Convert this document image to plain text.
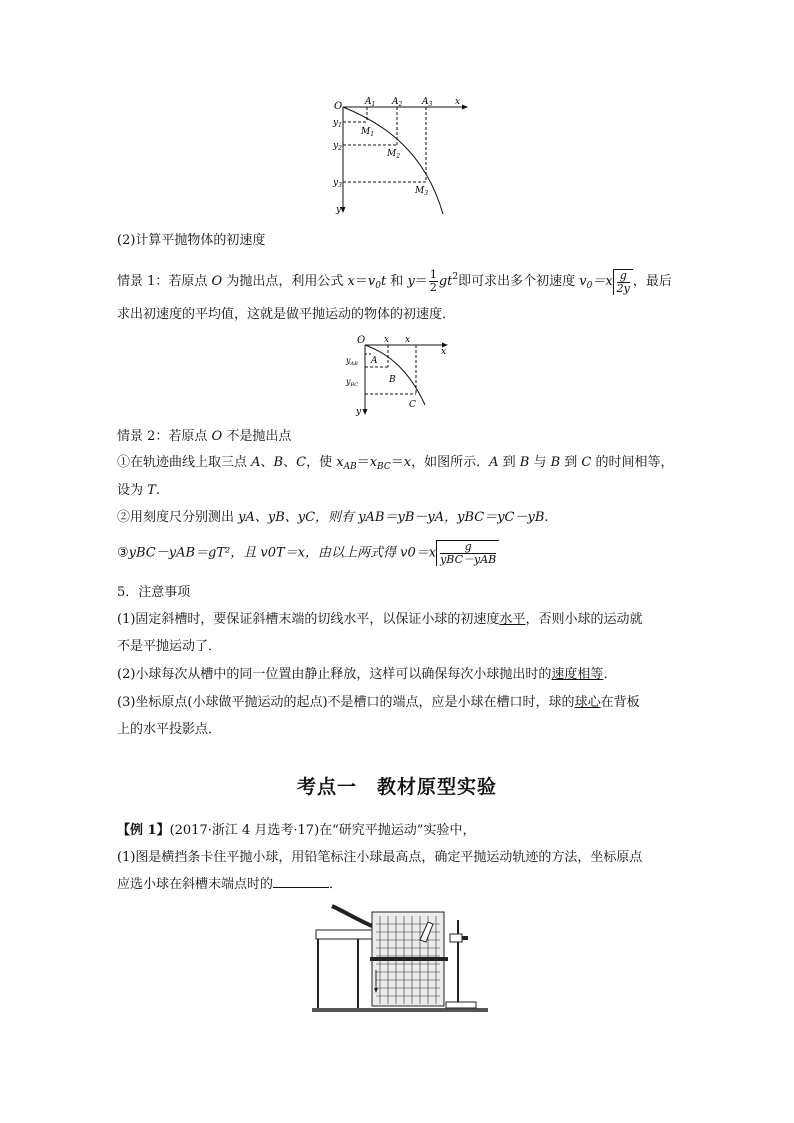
O	$A_1$ $A_2$ $A_3$	x
$y_1$
$y_2$
$y_3$
y
$M_1$
$M_2$
$M_3$
(2)计算平抛物体的初速度
情景 1：若原点 O 为抛出点，利用公式 $x=v_0t$ 和 $y= \frac{1}{2} gt^2$即可求出多个初速度 $v_0=x \frac{g}{2y}$ ，最后
求出初速度的平均值，这就是做平抛运动的物体的初速度．
O x x
x
y
$y_{AB}$
$y_{BC}$
A
B
C
情景 2：若原点 O 不是抛出点
①在轨迹曲线上取三点 A、B、C，使 $x_{AB}=x_{BC}=x$，如图所示．A 到 B 与 B 到 C 的时间相等，
设为 T.
②用刻度尺分别测出 yA、yB、yC，则有 yAB＝yB－yA，yBC＝yC－yB.
③yBC－yAB＝gT²，且 v0T＝x，由以上两式得 $v0=x \frac{g}{\text{yBC－yAB}}$
5．注意事项
(1)固定斜槽时，要保证斜槽末端的切线水平，以保证小球的初速度水平，否则小球的运动就
不是平抛运动了．
(2)小球每次从槽中的同一位置由静止释放，这样可以确保每次小球抛出时的速度相等．
(3)坐标原点(小球做平抛运动的起点)不是槽口的端点，应是小球在槽口时，球的球心在背板
上的水平投影点．
考点一　教材原型实验
【例 1】(2017·浙江 4 月选考·17)在“研究平抛运动”实验中，
(1)图是横挡条卡住平抛小球，用铅笔标注小球最高点，确定平抛运动轨迹的方法，坐标原点
应选小球在斜槽末端点时的	．
